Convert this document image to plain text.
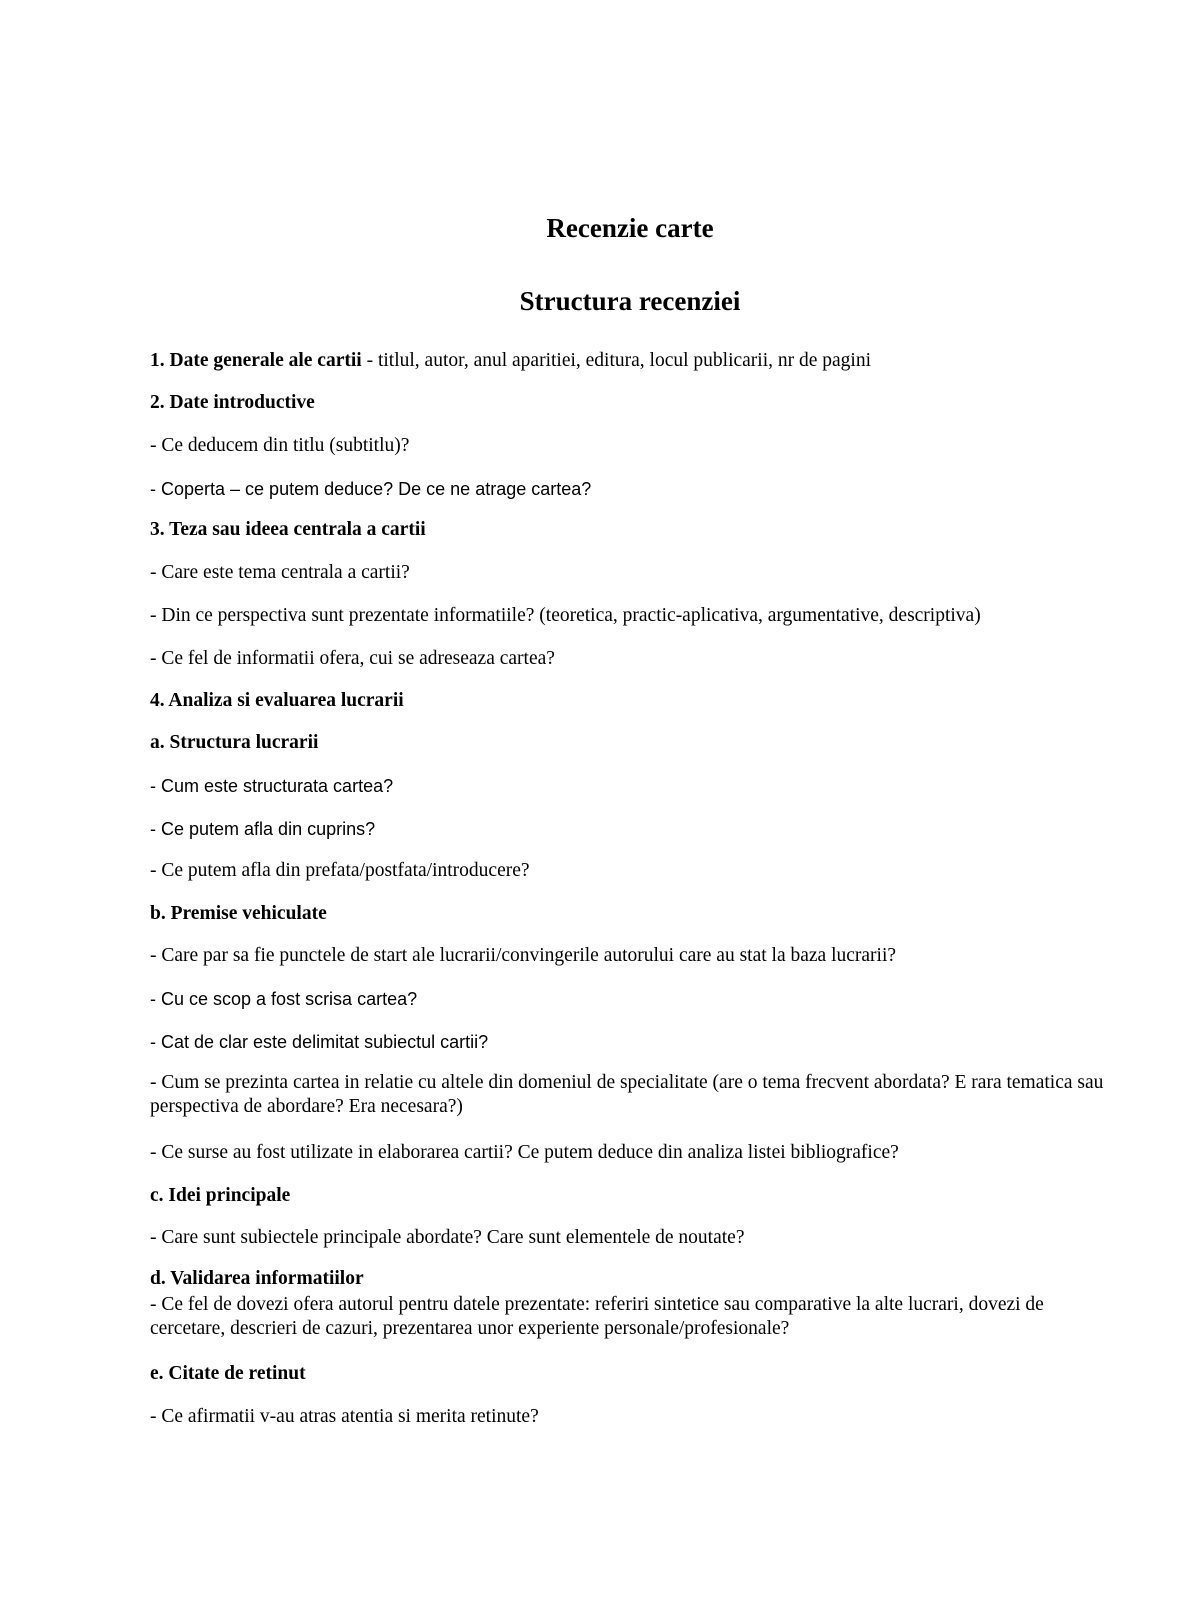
Recenzie carte
Structura recenziei

1. Date generale ale cartii - titlul, autor, anul aparitiei, editura, locul publicarii, nr de pagini

2. Date introductive

- Ce deducem din titlu (subtitlu)?

- Coperta – ce putem deduce? De ce ne atrage cartea?

3. Teza sau ideea centrala a cartii

- Care este tema centrala a cartii?

- Din ce perspectiva sunt prezentate informatiile? (teoretica, practic-aplicativa, argumentative, descriptiva)

- Ce fel de informatii ofera, cui se adreseaza cartea?

4. Analiza si evaluarea lucrarii

a. Structura lucrarii

- Cum este structurata cartea?

- Ce putem afla din cuprins?

- Ce putem afla din prefata/postfata/introducere?

b. Premise vehiculate

- Care par sa fie punctele de start ale lucrarii/convingerile autorului care au stat la baza lucrarii?

- Cu ce scop a fost scrisa cartea?

- Cat de clar este delimitat subiectul cartii?

- Cum se prezinta cartea in relatie cu altele din domeniul de specialitate (are o tema frecvent abordata? E rara tematica sau perspectiva de abordare? Era necesara?)

- Ce surse au fost utilizate in elaborarea cartii? Ce putem deduce din analiza listei bibliografice?

c. Idei principale

- Care sunt subiectele principale abordate? Care sunt elementele de noutate?

d. Validarea informatiilor

- Ce fel de dovezi ofera autorul pentru datele prezentate: referiri sintetice sau comparative la alte lucrari, dovezi de cercetare, descrieri de cazuri, prezentarea unor experiente personale/profesionale?

e. Citate de retinut

- Ce afirmatii v-au atras atentia si merita retinute?
